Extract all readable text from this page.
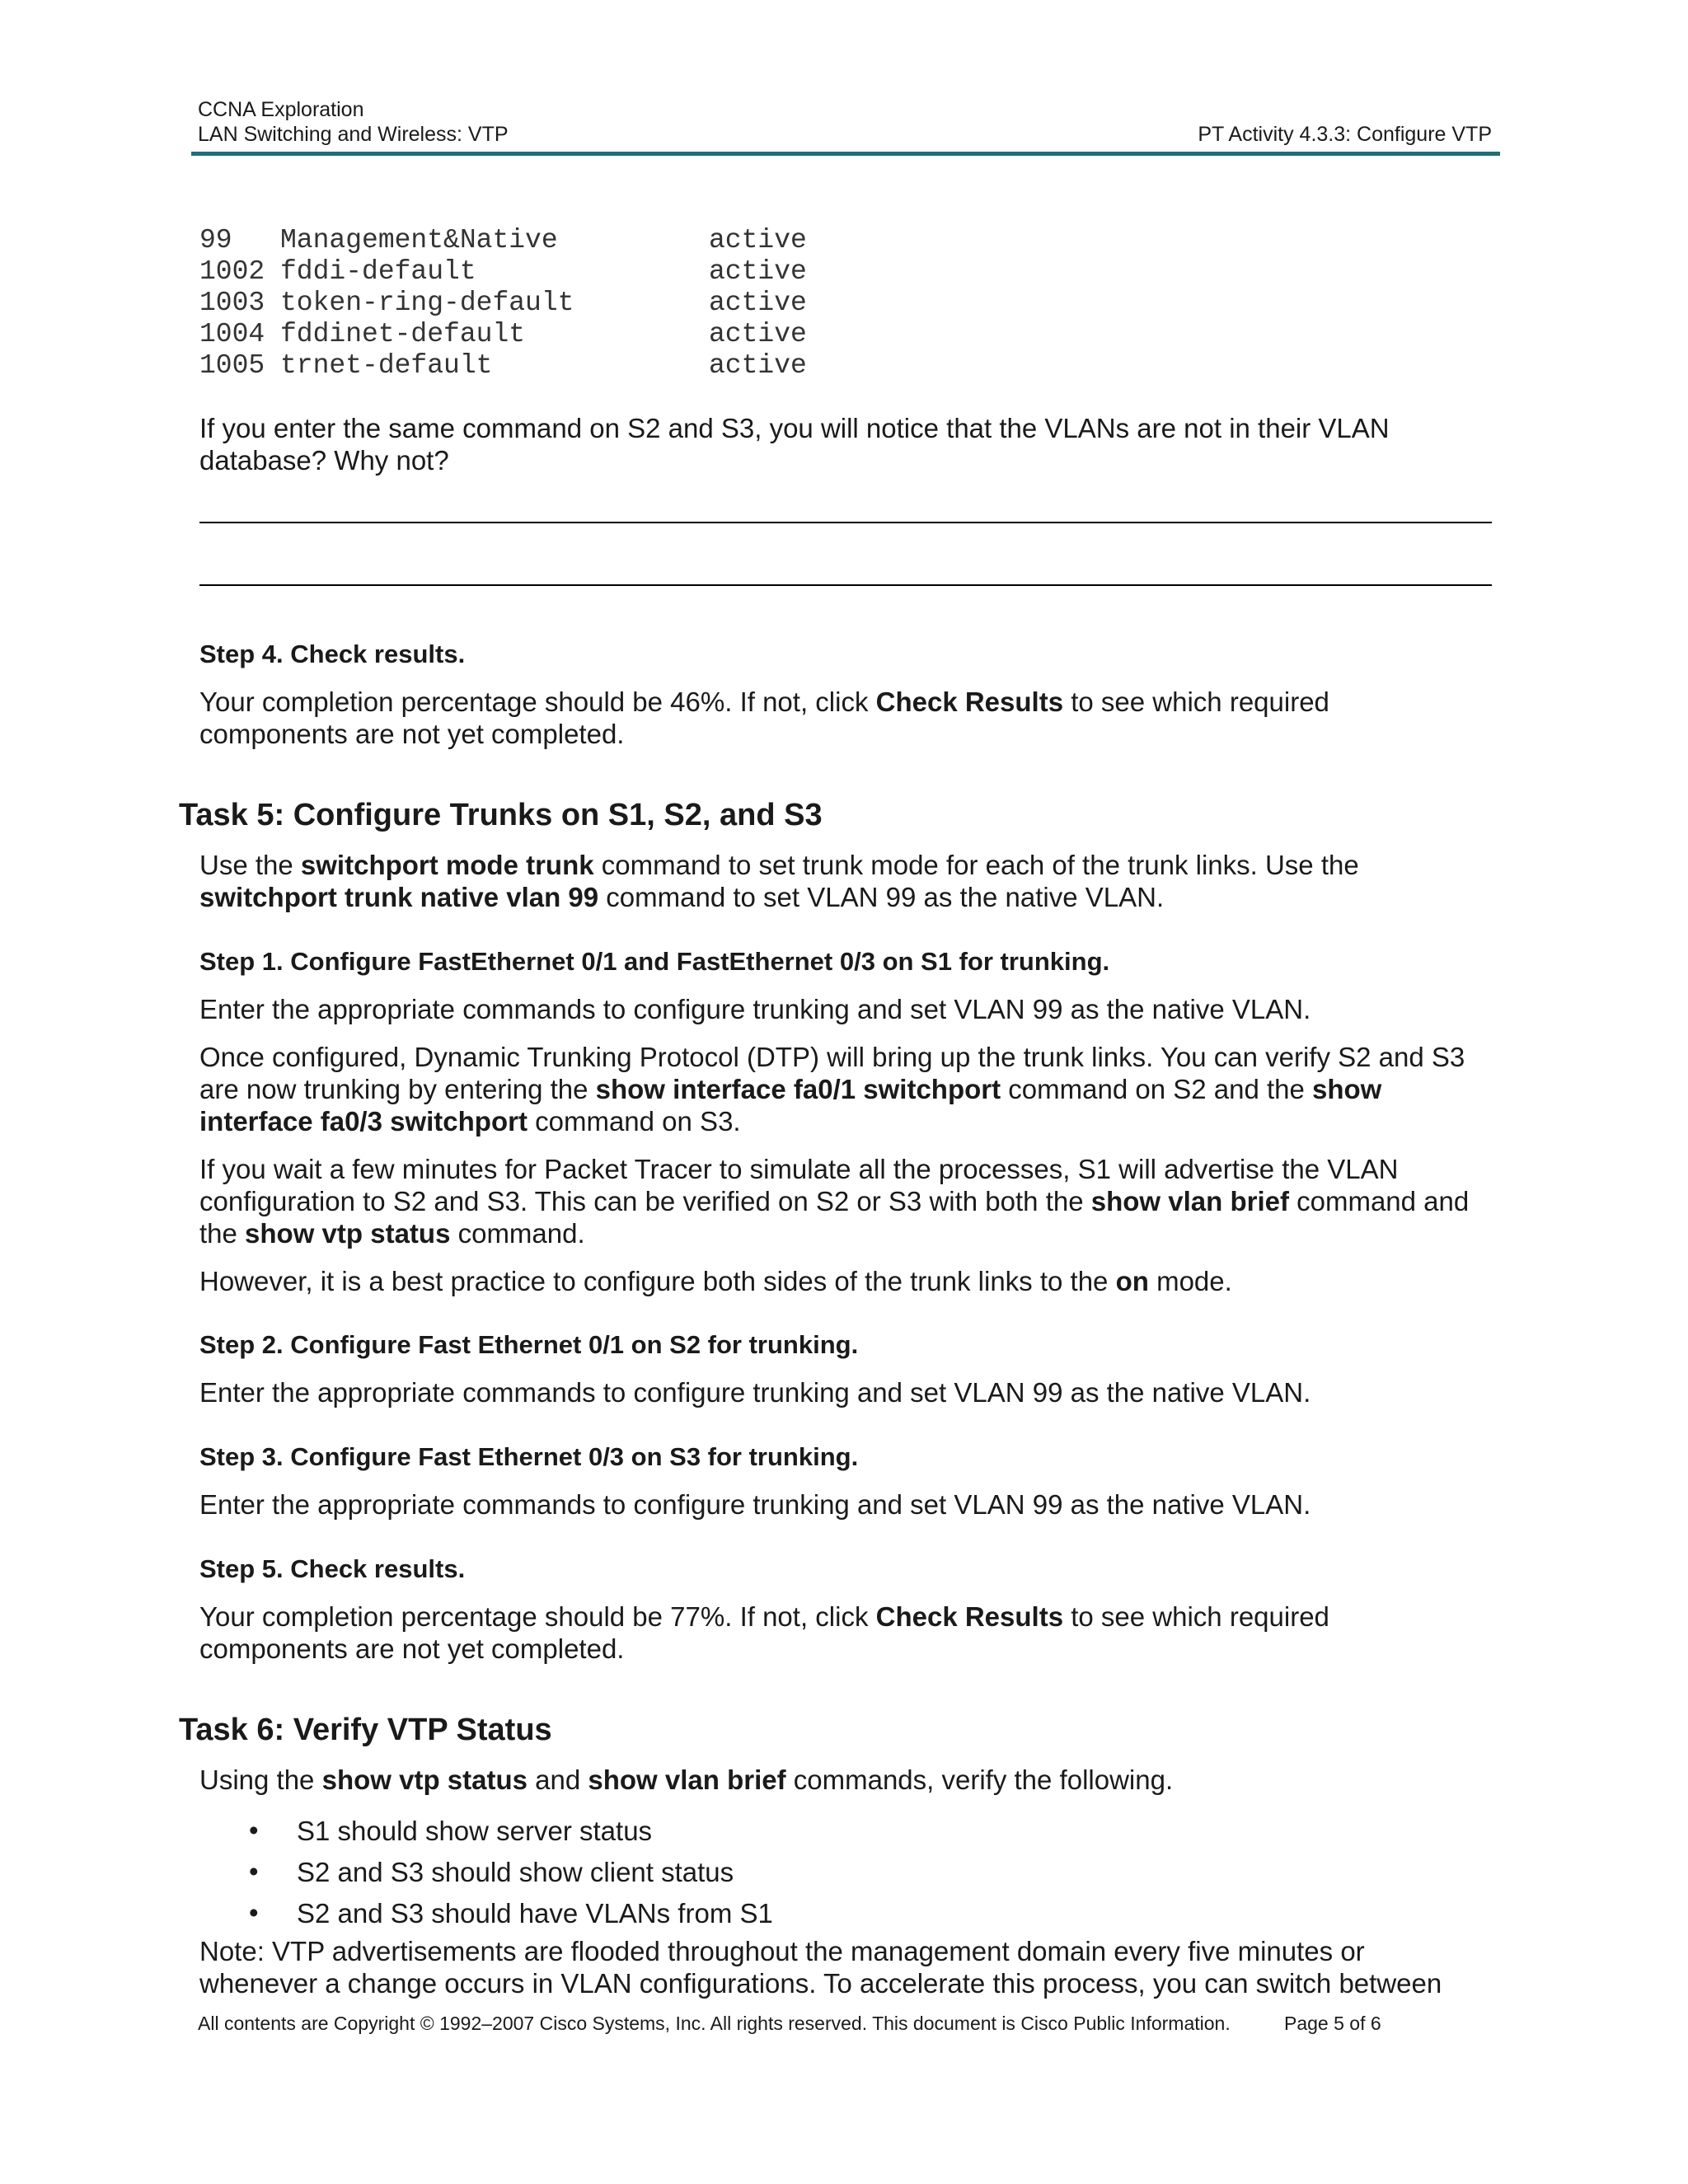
CCNA Exploration
LAN Switching and Wireless: VTP	PT Activity 4.3.3: Configure VTP
99 Management&Native	active
1002 fddi-default	active
1003 token-ring-default	active
1004 fddinet-default	active
1005 trnet-default	active
If you enter the same command on S2 and S3, you will notice that the VLANs are not in their VLAN
database? Why not?
Step 4. Check results.
Your completion percentage should be 46%. If not, click Check Results to see which required
components are not yet completed.
Task 5: Configure Trunks on S1, S2, and S3
Use the switchport mode trunk command to set trunk mode for each of the trunk links. Use the
switchport trunk native vlan 99 command to set VLAN 99 as the native VLAN.
Step 1. Configure FastEthernet 0/1 and FastEthernet 0/3 on S1 for trunking.
Enter the appropriate commands to configure trunking and set VLAN 99 as the native VLAN.
Once configured, Dynamic Trunking Protocol (DTP) will bring up the trunk links. You can verify S2 and S3
are now trunking by entering the show interface fa0/1 switchport command on S2 and the show
interface fa0/3 switchport command on S3.
If you wait a few minutes for Packet Tracer to simulate all the processes, S1 will advertise the VLAN
configuration to S2 and S3. This can be verified on S2 or S3 with both the show vlan brief command and
the show vtp status command.
However, it is a best practice to configure both sides of the trunk links to the on mode.
Step 2. Configure Fast Ethernet 0/1 on S2 for trunking.
Enter the appropriate commands to configure trunking and set VLAN 99 as the native VLAN.
Step 3. Configure Fast Ethernet 0/3 on S3 for trunking.
Enter the appropriate commands to configure trunking and set VLAN 99 as the native VLAN.
Step 5. Check results.
Your completion percentage should be 77%. If not, click Check Results to see which required
components are not yet completed.
Task 6: Verify VTP Status
Using the show vtp status and show vlan brief commands, verify the following.
• S1 should show server status
• S2 and S3 should show client status
• S2 and S3 should have VLANs from S1
Note: VTP advertisements are flooded throughout the management domain every five minutes or
whenever a change occurs in VLAN configurations. To accelerate this process, you can switch between
All contents are Copyright © 1992–2007 Cisco Systems, Inc. All rights reserved. This document is Cisco Public Information.	Page 5 of 6
